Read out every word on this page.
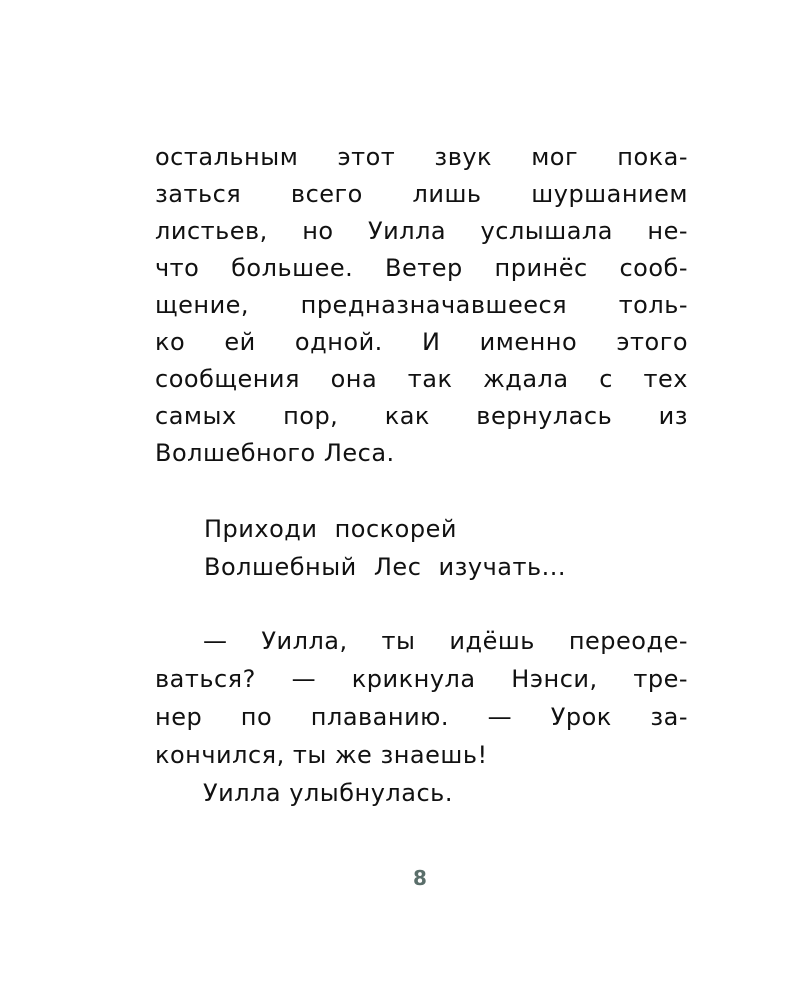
остальным этот звук мог пока-
заться всего лишь шуршанием
листьев, но Уилла услышала не-
что большее. Ветер принёс сооб-
щение, предназначавшееся толь-
ко ей одной. И именно этого
сообщения она так ждала с тех
самых пор, как вернулась из
Волшебного Леса.
Приходи поскорей
Волшебный Лес изучать...
— Уилла, ты идёшь переоде-
ваться? — крикнула Нэнси, тре-
нер по плаванию. — Урок за-
кончился, ты же знаешь!
Уилла улыбнулась.
8
